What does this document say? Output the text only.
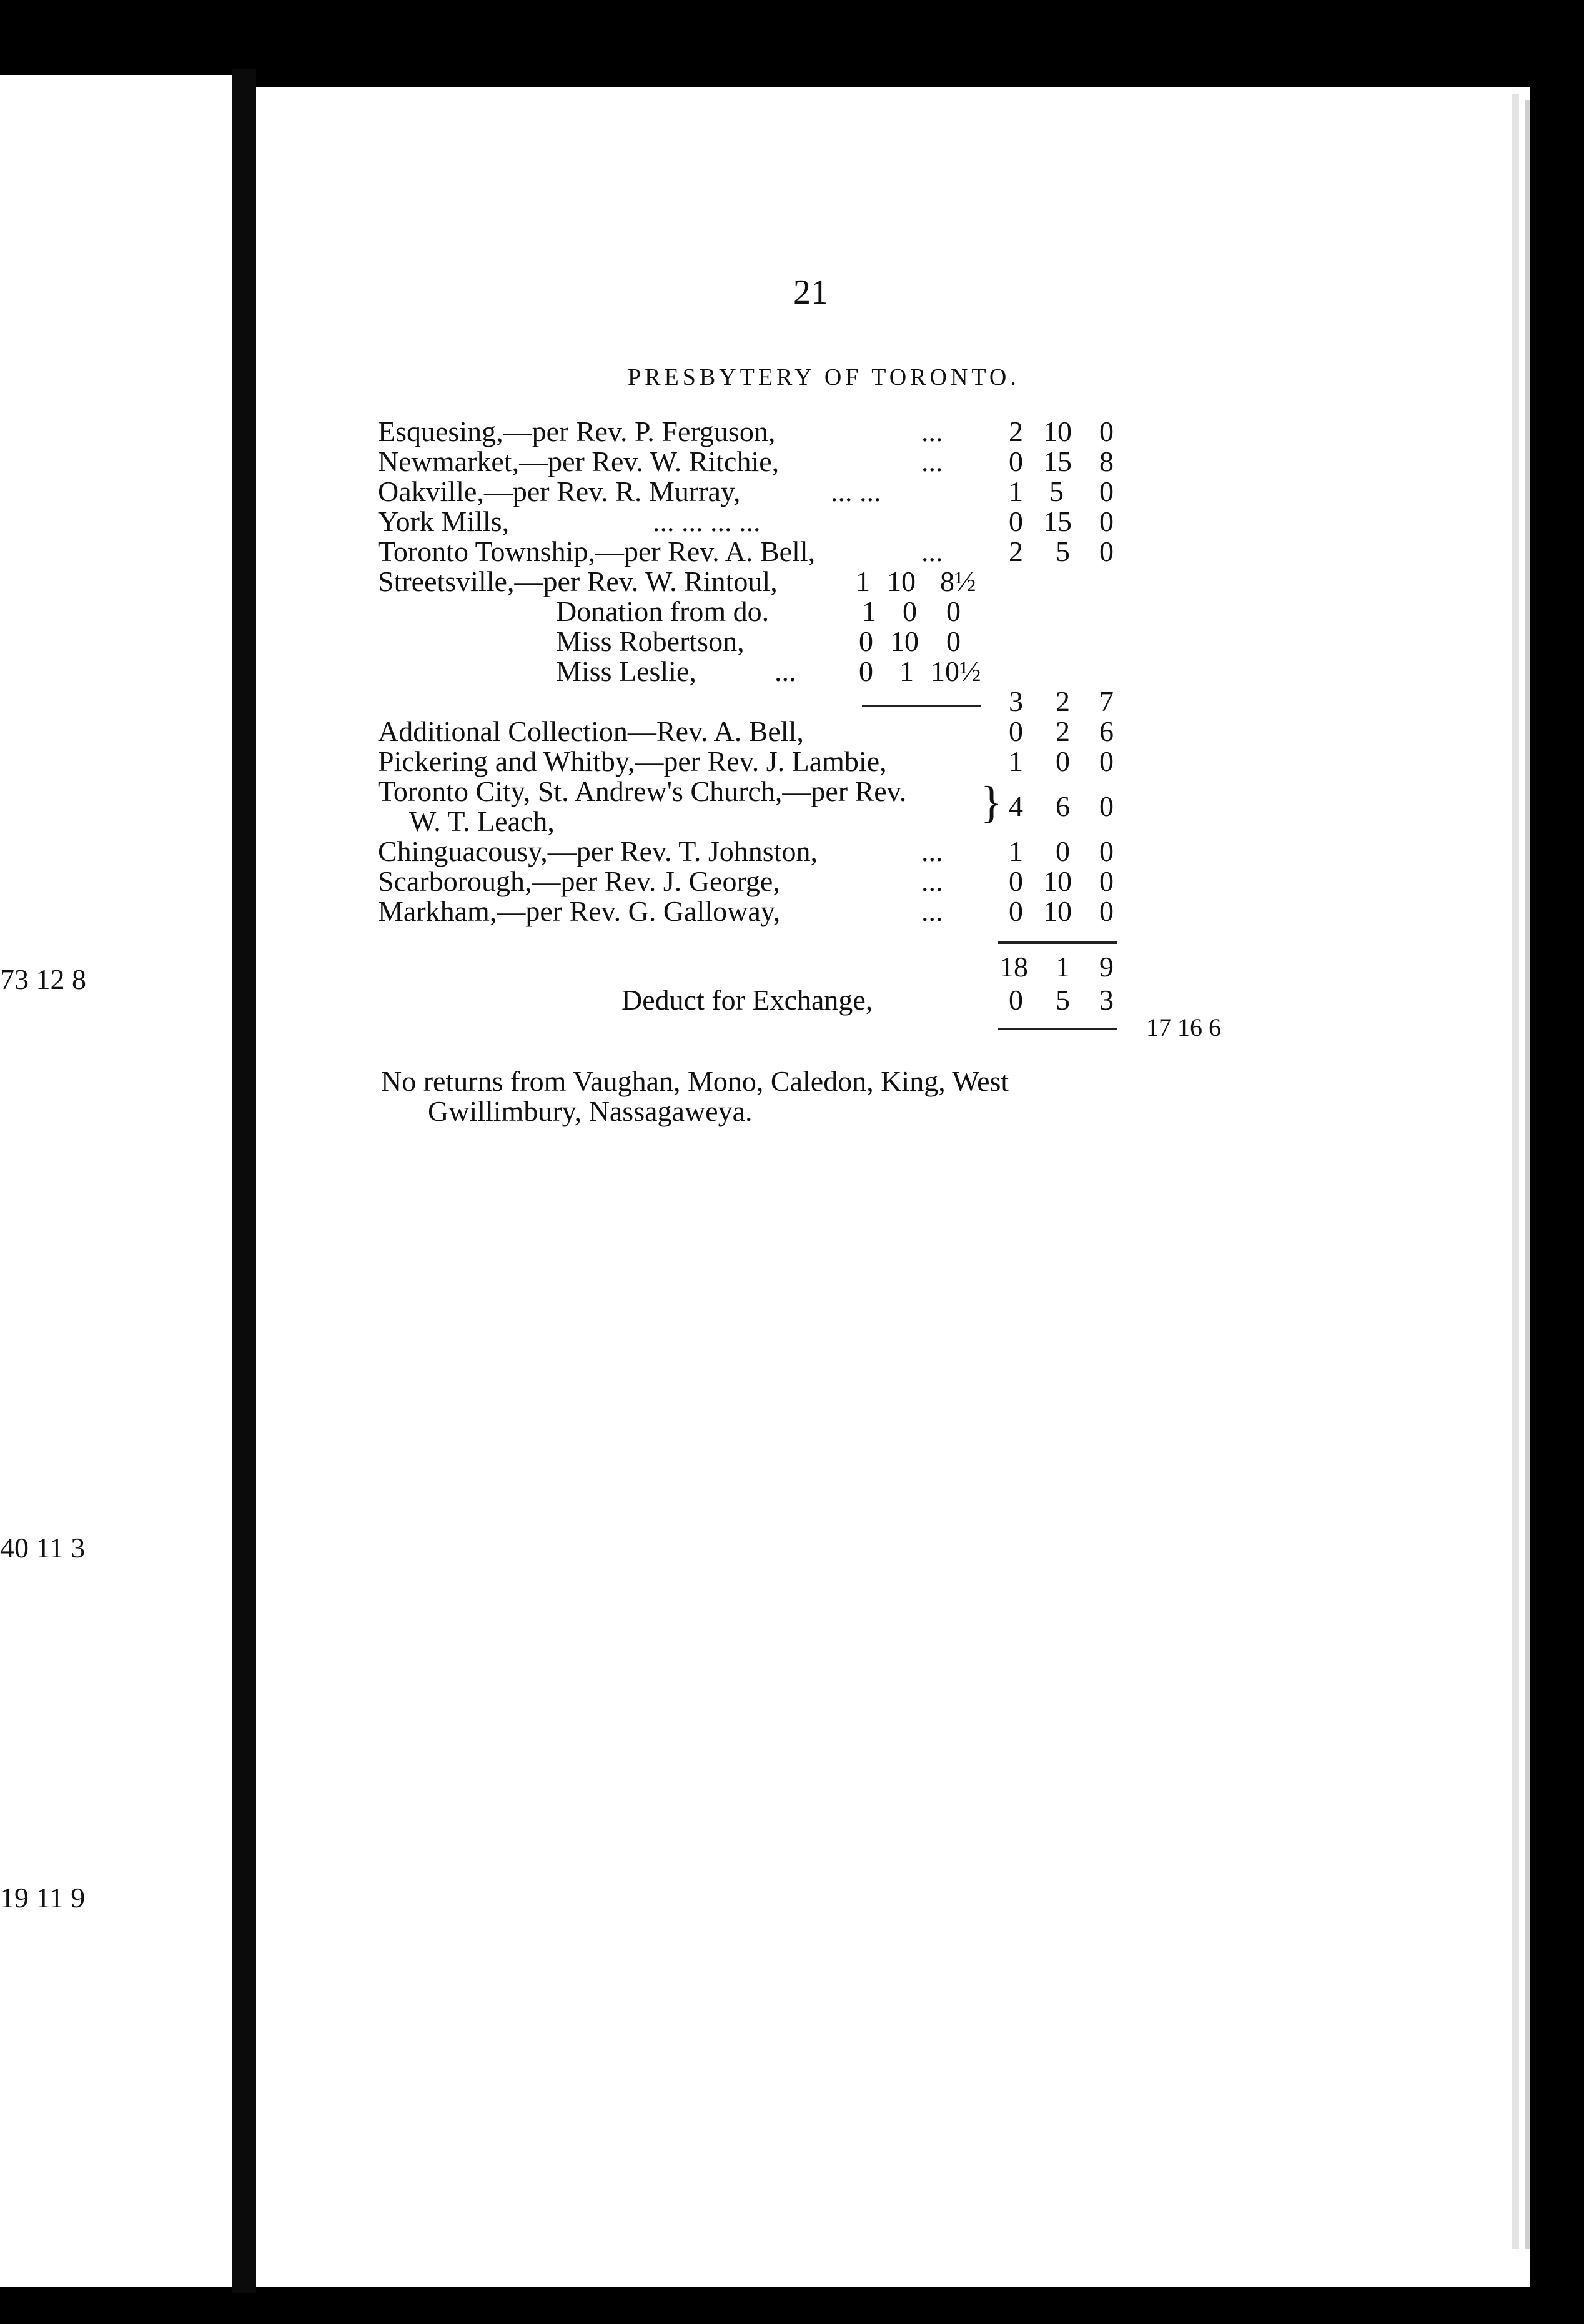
73 12 8
40 11 3
19 11 9
21
PRESBYTERY OF TORONTO.
Esquesing,—per Rev. P. Ferguson,	... 2 10 0
Newmarket,—per Rev. W. Ritchie,	... 0 15 8
Oakville,—per Rev. R. Murray,	... ...	1 5 0
York Mills,	... ... ... ...	0 15 0
Toronto Township,—per Rev. A. Bell,	... 2 5 0
Streetsville,—per Rev. W. Rintoul,	1 10 8½
Donation from do.	1 0 0
Miss Robertson,	0 10 0
Miss Leslie,	... 0 1 10½
3 2 7
Additional Collection—Rev. A. Bell,	0 2 6
Pickering and Whitby,—per Rev. J. Lambie,	1 0 0
Toronto City, St. Andrew's Church,—per Rev.
W. T. Leach,	} 4 6 0
Chinguacousy,—per Rev. T. Johnston,	... 1 0 0
Scarborough,—per Rev. J. George,	... 0 10 0
Markham,—per Rev. G. Galloway,	... 0 10 0
18 1 9
Deduct for Exchange,	0 5 3
17 16 6
No returns from Vaughan, Mono, Caledon, King, West
Gwillimbury, Nassagaweya.
